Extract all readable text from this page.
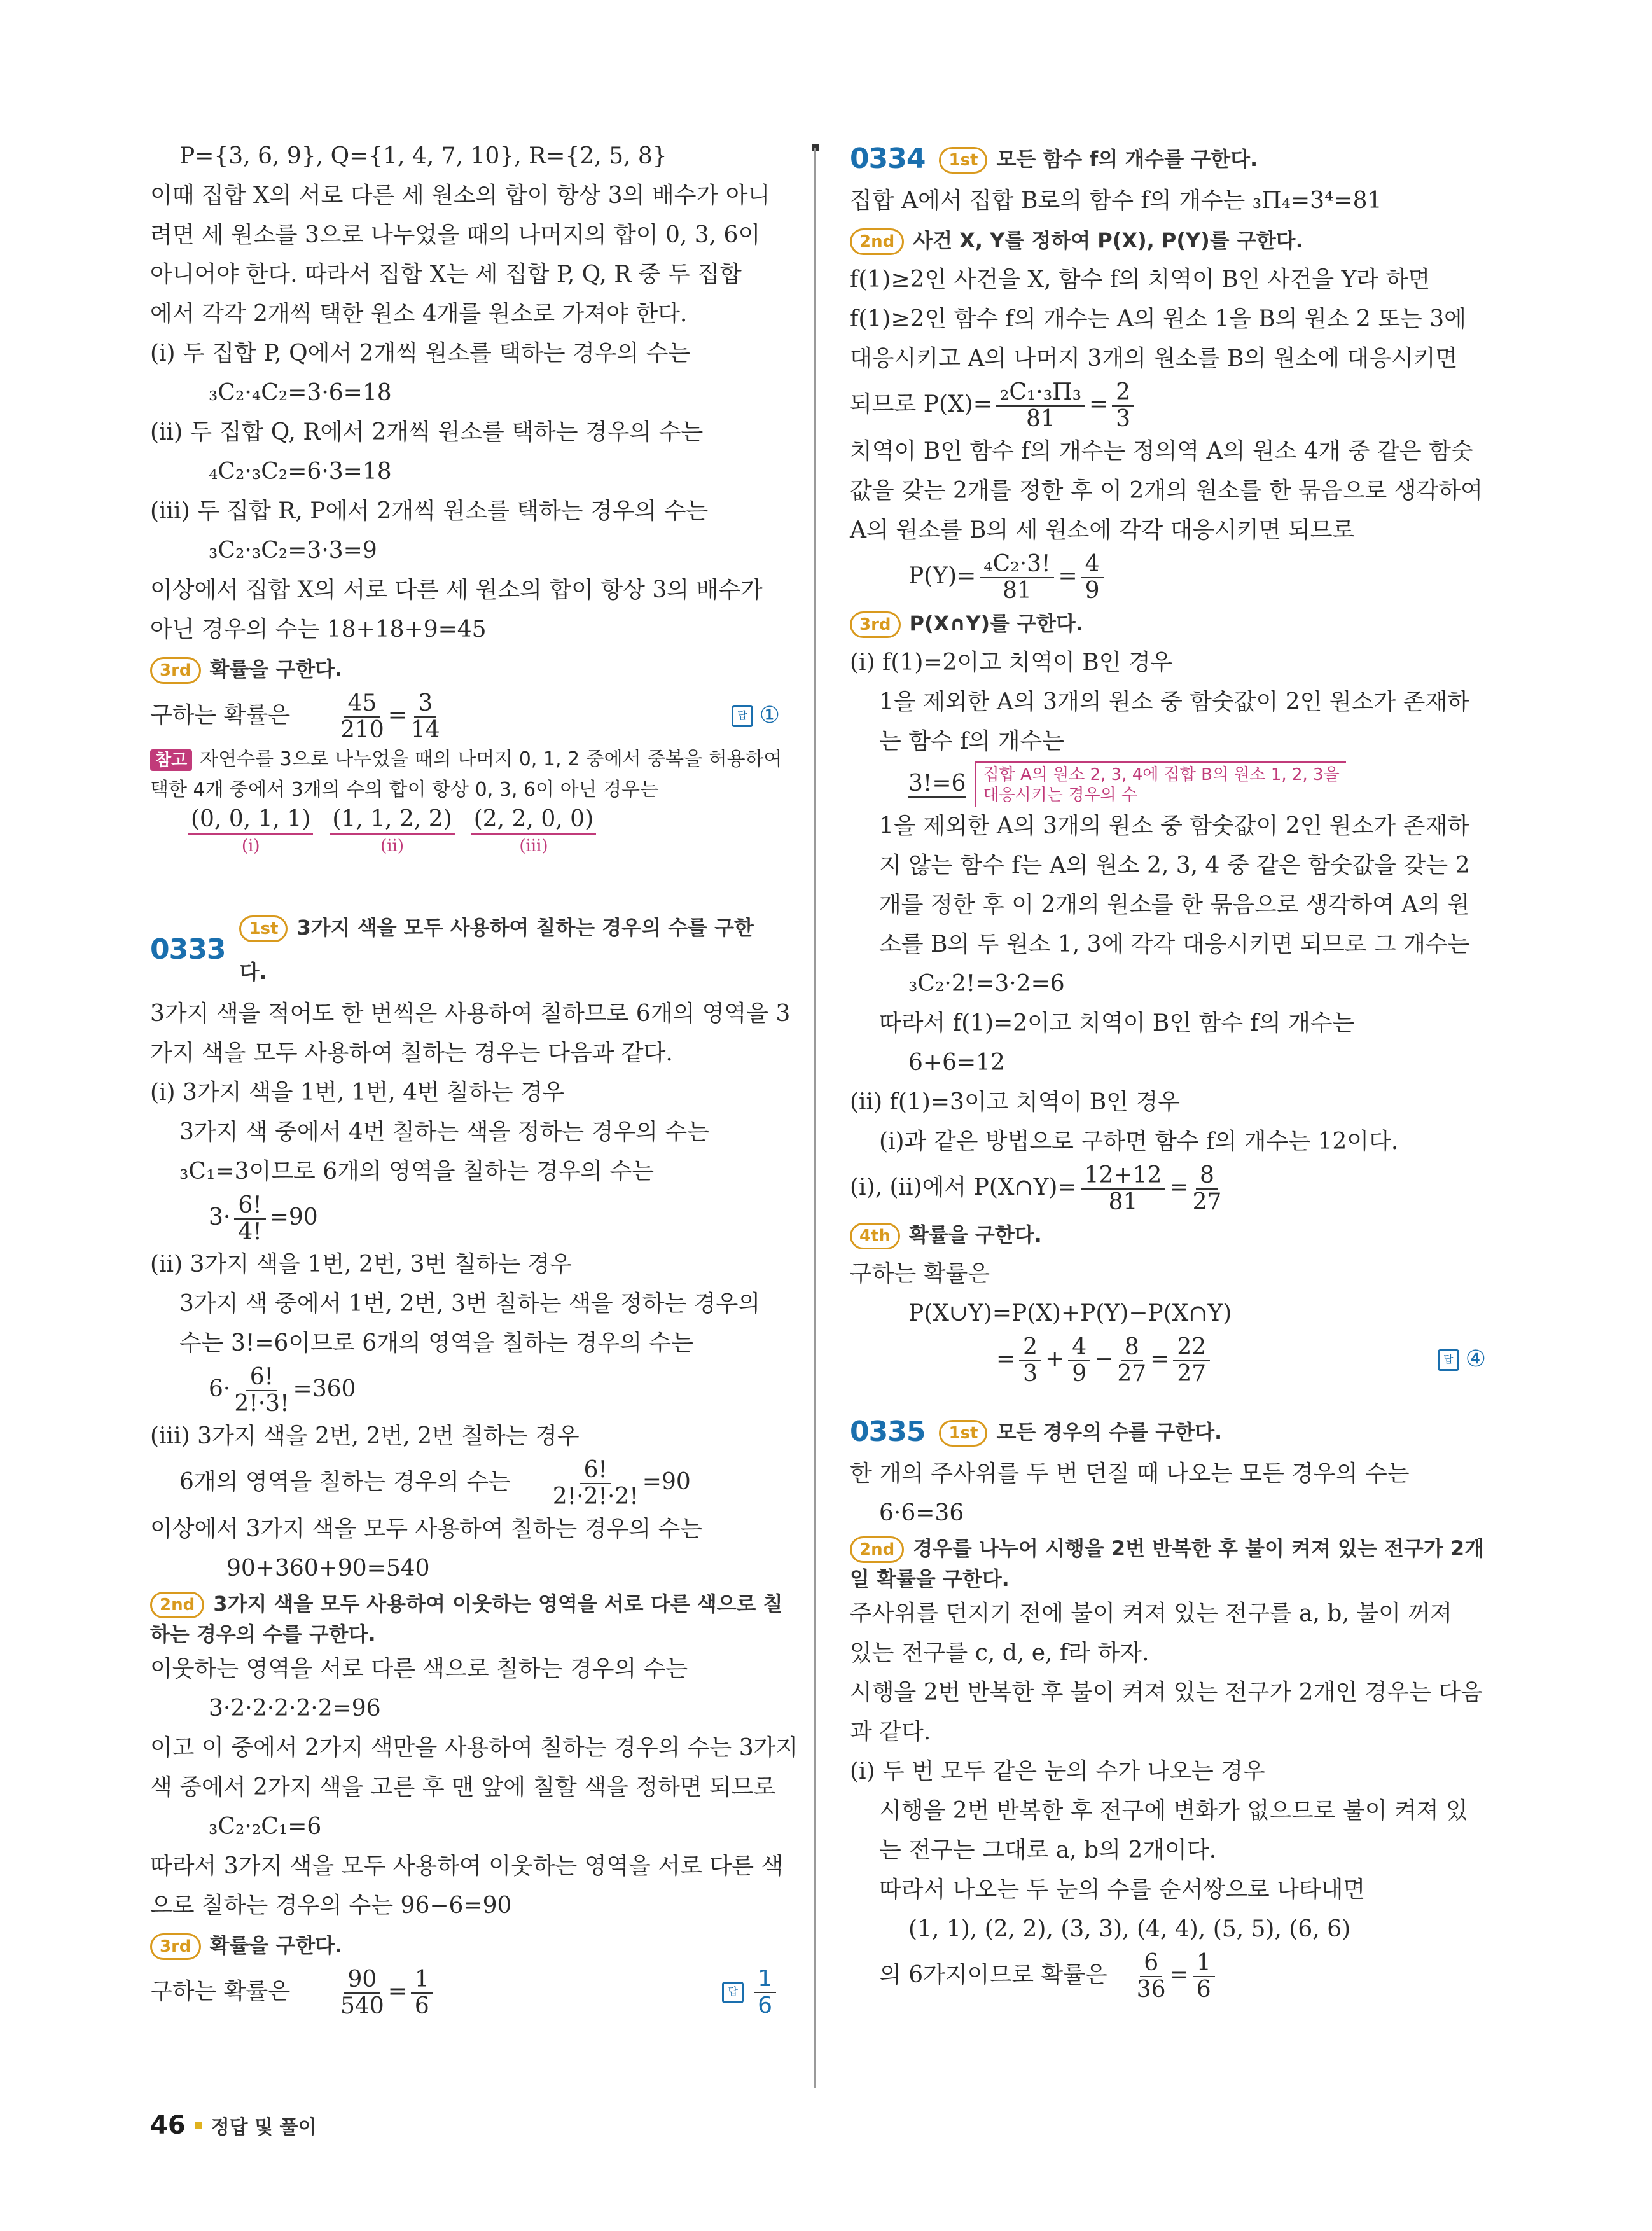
P={3, 6, 9}, Q={1, 4, 7, 10}, R={2, 5, 8}
이때 집합 X의 서로 다른 세 원소의 합이 항상 3의 배수가 아니
려면 세 원소를 3으로 나누었을 때의 나머지의 합이 0, 3, 6이
아니어야 한다. 따라서 집합 X는 세 집합 P, Q, R 중 두 집합
에서 각각 2개씩 택한 원소 4개를 원소로 가져야 한다.
(i) 두 집합 P, Q에서 2개씩 원소를 택하는 경우의 수는
₃C₂·₄C₂=3·6=18
(ii) 두 집합 Q, R에서 2개씩 원소를 택하는 경우의 수는
₄C₂·₃C₂=6·3=18
(iii) 두 집합 R, P에서 2개씩 원소를 택하는 경우의 수는
₃C₂·₃C₂=3·3=9
이상에서 집합 X의 서로 다른 세 원소의 합이 항상 3의 배수가
아닌 경우의 수는 18+18+9=45
3rd 확률을 구한다.
구하는 확률은 $\frac{45}{210} = \frac{3}{14}$	답 ①
참고 자연수를 3으로 나누었을 때의 나머지 0, 1, 2 중에서 중복을 허용하여
택한 4개 중에서 3개의 수의 합이 항상 0, 3, 6이 아닌 경우는
(0, 0, 1, 1)
(i)
(1, 1, 2, 2)
(ii)
(2, 2, 0, 0)
(iii)
0333
1st 3가지 색을 모두 사용하여 칠하는 경우의 수를 구한다.
3가지 색을 적어도 한 번씩은 사용하여 칠하므로 6개의 영역을 3
가지 색을 모두 사용하여 칠하는 경우는 다음과 같다.
(i) 3가지 색을 1번, 1번, 4번 칠하는 경우
3가지 색 중에서 4번 칠하는 색을 정하는 경우의 수는
₃C₁=3이므로 6개의 영역을 칠하는 경우의 수는
$3\cdot \frac{6!}{4!} =90$
(ii) 3가지 색을 1번, 2번, 3번 칠하는 경우
3가지 색 중에서 1번, 2번, 3번 칠하는 색을 정하는 경우의
수는 3!=6이므로 6개의 영역을 칠하는 경우의 수는
$6\cdot \frac{6!}{2!\cdot 3!} =360$
(iii) 3가지 색을 2번, 2번, 2번 칠하는 경우
6개의 영역을 칠하는 경우의 수는 $\frac{6!}{2!\cdot 2!\cdot 2!} =90$
이상에서 3가지 색을 모두 사용하여 칠하는 경우의 수는
90+360+90=540
2nd 3가지 색을 모두 사용하여 이웃하는 영역을 서로 다른 색으로 칠
하는 경우의 수를 구한다.
이웃하는 영역을 서로 다른 색으로 칠하는 경우의 수는
3·2·2·2·2·2=96
이고 이 중에서 2가지 색만을 사용하여 칠하는 경우의 수는 3가지
색 중에서 2가지 색을 고른 후 맨 앞에 칠할 색을 정하면 되므로
₃C₂·₂C₁=6
따라서 3가지 색을 모두 사용하여 이웃하는 영역을 서로 다른 색
으로 칠하는 경우의 수는 96−6=90
3rd 확률을 구한다.
구하는 확률은 $\frac{90}{540} = \frac{1}{6}$	답 $\frac{1}{6}$
0334	1st 모든 함수 f의 개수를 구한다.
집합 A에서 집합 B로의 함수 f의 개수는 ₃Π₄=3⁴=81
2nd 사건 X, Y를 정하여 P(X), P(Y)를 구한다.
f(1)≥2인 사건을 X, 함수 f의 치역이 B인 사건을 Y라 하면
f(1)≥2인 함수 f의 개수는 A의 원소 1을 B의 원소 2 또는 3에
대응시키고 A의 나머지 3개의 원소를 B의 원소에 대응시키면
되므로 $P(X)= \frac{\text{₂C₁·₃Π₃}}{81} = \frac{2}{3}$
치역이 B인 함수 f의 개수는 정의역 A의 원소 4개 중 같은 함숫
값을 갖는 2개를 정한 후 이 2개의 원소를 한 묶음으로 생각하여
A의 원소를 B의 세 원소에 각각 대응시키면 되므로
$P(Y)= \frac{\text{₄C₂·3!}}{81} = \frac{4}{9}$
3rd P(X∩Y)를 구한다.
(i) f(1)=2이고 치역이 B인 경우
1을 제외한 A의 3개의 원소 중 함숫값이 2인 원소가 존재하
는 함수 f의 개수는
3!=6 집합 A의 원소 2, 3, 4에 집합 B의 원소 1, 2, 3을
대응시키는 경우의 수
1을 제외한 A의 3개의 원소 중 함숫값이 2인 원소가 존재하
지 않는 함수 f는 A의 원소 2, 3, 4 중 같은 함숫값을 갖는 2
개를 정한 후 이 2개의 원소를 한 묶음으로 생각하여 A의 원
소를 B의 두 원소 1, 3에 각각 대응시키면 되므로 그 개수는
₃C₂·2!=3·2=6
따라서 f(1)=2이고 치역이 B인 함수 f의 개수는
6+6=12
(ii) f(1)=3이고 치역이 B인 경우
(i)과 같은 방법으로 구하면 함수 f의 개수는 12이다.
(i), (ii)에서 P(X∩Y)= $\frac{12+12}{81} = \frac{8}{27}$
4th 확률을 구한다.
구하는 확률은
P(X∪Y)=P(X)+P(Y)−P(X∩Y)
= $\frac{2}{3} + \frac{4}{9} - \frac{8}{27} = \frac{22}{27}$	답 ④
0335	1st 모든 경우의 수를 구한다.
한 개의 주사위를 두 번 던질 때 나오는 모든 경우의 수는
6·6=36
2nd 경우를 나누어 시행을 2번 반복한 후 불이 켜져 있는 전구가 2개
일 확률을 구한다.
주사위를 던지기 전에 불이 켜져 있는 전구를 a, b, 불이 꺼져
있는 전구를 c, d, e, f라 하자.
시행을 2번 반복한 후 불이 켜져 있는 전구가 2개인 경우는 다음
과 같다.
(i) 두 번 모두 같은 눈의 수가 나오는 경우
시행을 2번 반복한 후 전구에 변화가 없으므로 불이 켜져 있
는 전구는 그대로 a, b의 2개이다.
따라서 나오는 두 눈의 수를 순서쌍으로 나타내면
(1, 1), (2, 2), (3, 3), (4, 4), (5, 5), (6, 6)
의 6가지이므로 확률은 $\frac{6}{36} = \frac{1}{6}$
46 정답 및 풀이
